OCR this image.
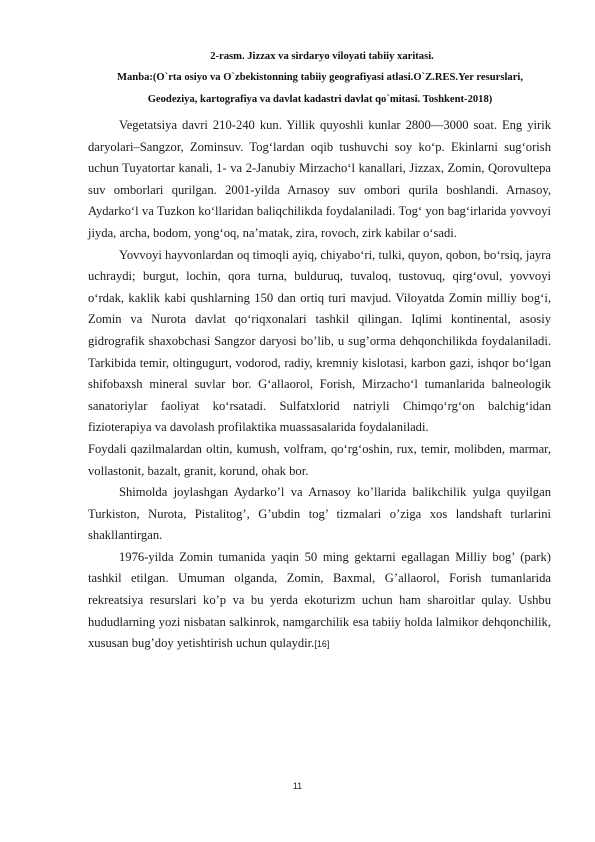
2-rasm. Jizzax va sirdaryo viloyati tabiiy xaritasi.
Manba:(O`rta osiyo va O`zbekistonning tabiiy geografiyasi atlasi.O`Z.RES.Yer resurslari,
Geodeziya, kartografiya va davlat kadastri davlat qo`mitasi. Toshkent-2018)

Vegetatsiya davri 210-240 kun. Yillik quyoshli kunlar 2800—3000 soat. Eng yirik daryolari–Sangzor, Zominsuv. Tog‘lardan oqib tushuvchi soy ko‘p. Ekinlarni sug‘orish uchun Tuyatortar kanali, 1- va 2-Janubiy Mirzacho‘l kanallari, Jizzax, Zomin, Qorovultepa suv omborlari qurilgan. 2001-yilda Arnasoy suv ombori qurila boshlandi. Arnasoy, Aydarko‘l va Tuzkon ko‘llaridan baliqchilikda foydalaniladi. Tog‘ yon bag‘irlarida yovvoyi jiyda, archa, bodom, yong‘oq, na’matak, zira, rovoch, zirk kabilar o‘sadi.

Yovvoyi hayvonlardan oq timoqli ayiq, chiyabo‘ri, tulki, quyon, qobon, bo‘rsiq, jayra uchraydi; burgut, lochin, qora turna, bulduruq, tuvaloq, tustovuq, qirg‘ovul, yovvoyi o‘rdak, kaklik kabi qushlarning 150 dan ortiq turi mavjud. Viloyatda Zomin milliy bog‘i, Zomin va Nurota davlat qo‘riqxonalari tashkil qilingan. Iqlimi kontinental, asosiy gidrografik shaxobchasi Sangzor daryosi bo’lib, u sug’orma dehqonchilikda foydalaniladi. Tarkibida temir, oltingugurt, vodorod, radiy, kremniy kislotasi, karbon gazi, ishqor bo‘lgan shifobaxsh mineral suvlar bor. G‘allaorol, Forish, Mirzacho‘l tumanlarida balneologik sanatoriylar faoliyat ko‘rsatadi. Sulfatxlorid natriyli Chimqo‘rg‘on balchig‘idan fizioterapiya va davolash profilaktika muassasalarida foydalaniladi.

Foydali qazilmalardan oltin, kumush, volfram, qo‘rg‘oshin, rux, temir, molibden, marmar, vollastonit, bazalt, granit, korund, ohak bor.

Shimolda joylashgan Aydarko’l va Arnasoy ko’llarida balikchilik yulga quyilgan Turkiston, Nurota, Pistalitog’, G’ubdin tog’ tizmalari o’ziga xos landshaft turlarini shakllantirgan.

1976-yilda Zomin tumanida yaqin 50 ming gektarni egallagan Milliy bog’ (park) tashkil etilgan. Umuman olganda, Zomin, Baxmal, G’allaorol, Forish tumanlarida rekreatsiya resurslari ko’p va bu yerda ekoturizm uchun ham sharoitlar qulay. Ushbu hududlarning yozi nisbatan salkinrok, namgarchilik esa tabiiy holda lalmikor dehqonchilik, xususan bug’doy yetishtirish uchun qulaydir.[16]

11
